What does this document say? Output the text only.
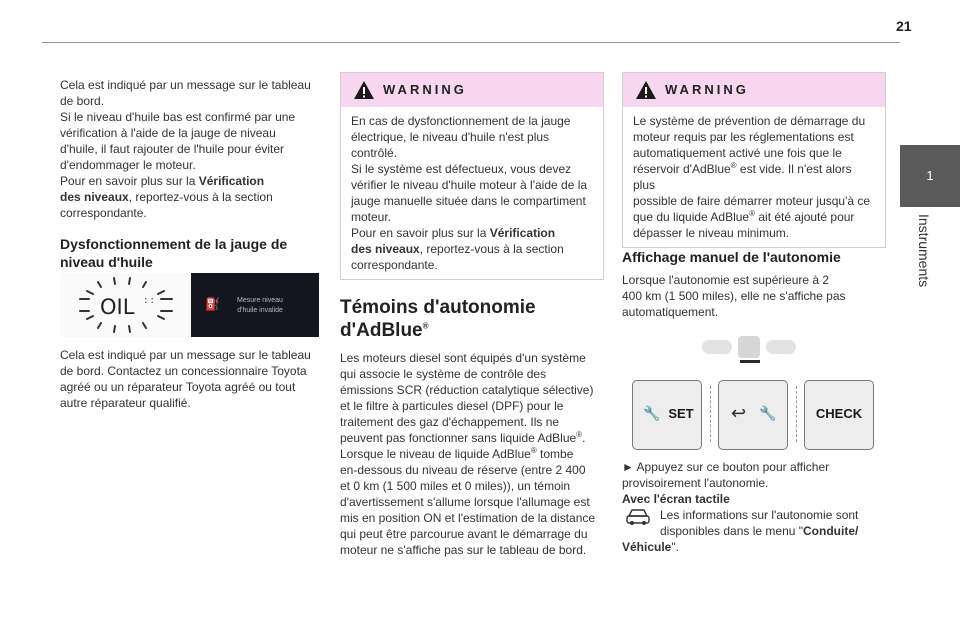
21
1
Instruments

Cela est indiqué par un message sur le tableau
de bord.
Si le niveau d'huile bas est confirmé par une
vérification à l'aide de la jauge de niveau
d'huile, il faut rajouter de l'huile pour éviter
d'endommager le moteur.
Pour en savoir plus sur la Vérification
des niveaux, reportez-vous à la section
correspondante.

Dysfonctionnement de la jauge de
niveau d'huile

OIL : :	⛽ Mesure niveau
d'huile invalide

Cela est indiqué par un message sur le tableau
de bord. Contactez un concessionnaire Toyota
agréé ou un réparateur Toyota agréé ou tout
autre réparateur qualifié.

WARNING
En cas de dysfonctionnement de la jauge
électrique, le niveau d'huile n'est plus
contrôlé.
Si le système est défectueux, vous devez
vérifier le niveau d'huile moteur à l'aide de la
jauge manuelle située dans le compartiment
moteur.
Pour en savoir plus sur la Vérification
des niveaux, reportez-vous à la section
correspondante.

Témoins d'autonomie
d'AdBlue®

Les moteurs diesel sont équipés d'un système
qui associe le système de contrôle des
émissions SCR (réduction catalytique sélective)
et le filtre à particules diesel (DPF) pour le
traitement des gaz d'échappement. Ils ne
peuvent pas fonctionner sans liquide AdBlue®.
Lorsque le niveau de liquide AdBlue® tombe
en-dessous du niveau de réserve (entre 2 400
et 0 km (1 500 miles et 0 miles)), un témoin
d'avertissement s'allume lorsque l'allumage est
mis en position ON et l'estimation de la distance
qui peut être parcourue avant le démarrage du
moteur ne s'affiche pas sur le tableau de bord.

WARNING
Le système de prévention de démarrage du
moteur requis par les réglementations est
automatiquement activé une fois que le
réservoir d'AdBlue® est vide. Il n'est alors plus
possible de faire démarrer moteur jusqu'à ce
que du liquide AdBlue® ait été ajouté pour
dépasser le niveau minimum.

Affichage manuel de l'autonomie

Lorsque l'autonomie est supérieure à 2
400 km (1 500 miles), elle ne s'affiche pas
automatiquement.

🔧 SET	↩ 🔧	CHECK

► Appuyez sur ce bouton pour afficher
provisoirement l'autonomie.

Avec l'écran tactile

Les informations sur l'autonomie sont
disponibles dans le menu "Conduite/

Véhicule".
